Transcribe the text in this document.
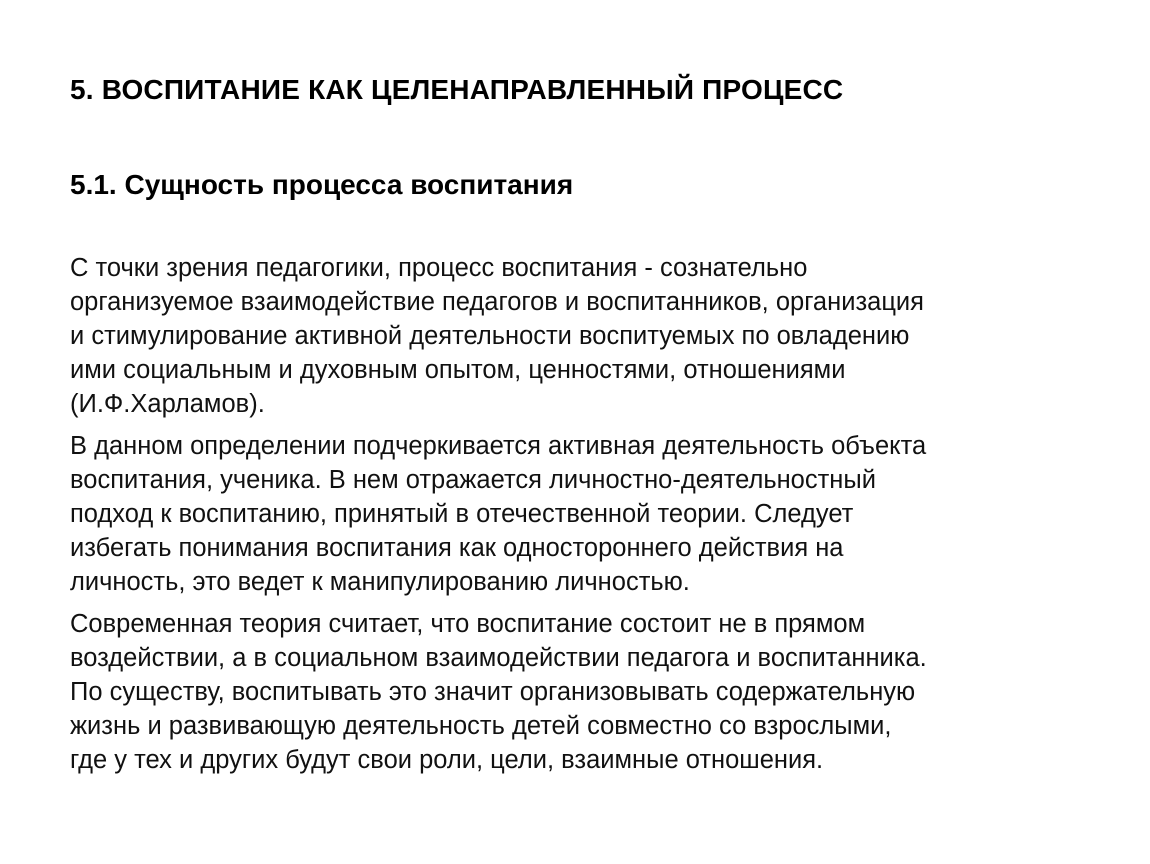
5. ВОСПИТАНИЕ КАК ЦЕЛЕНАПРАВЛЕННЫЙ ПРОЦЕСС
5.1. Сущность процесса воспитания

С точки зрения педагогики, процесс воспитания - сознательно
организуемое взаимодействие педагогов и воспитанников, организация
и стимулирование активной деятельности воспитуемых по овладению
ими социальным и духовным опытом, ценностями, отношениями
(И.Ф.Харламов).

В данном определении подчеркивается активная деятельность объекта
воспитания, ученика. В нем отражается личностно-деятельностный
подход к воспитанию, принятый в отечественной теории. Следует
избегать понимания воспитания как одностороннего действия на
личность, это ведет к манипулированию личностью.

Современная теория считает, что воспитание состоит не в прямом
воздействии, а в социальном взаимодействии педагога и воспитанника.
По существу, воспитывать это значит организовывать содержательную
жизнь и развивающую деятельность детей совместно со взрослыми,
где у тех и других будут свои роли, цели, взаимные отношения.
